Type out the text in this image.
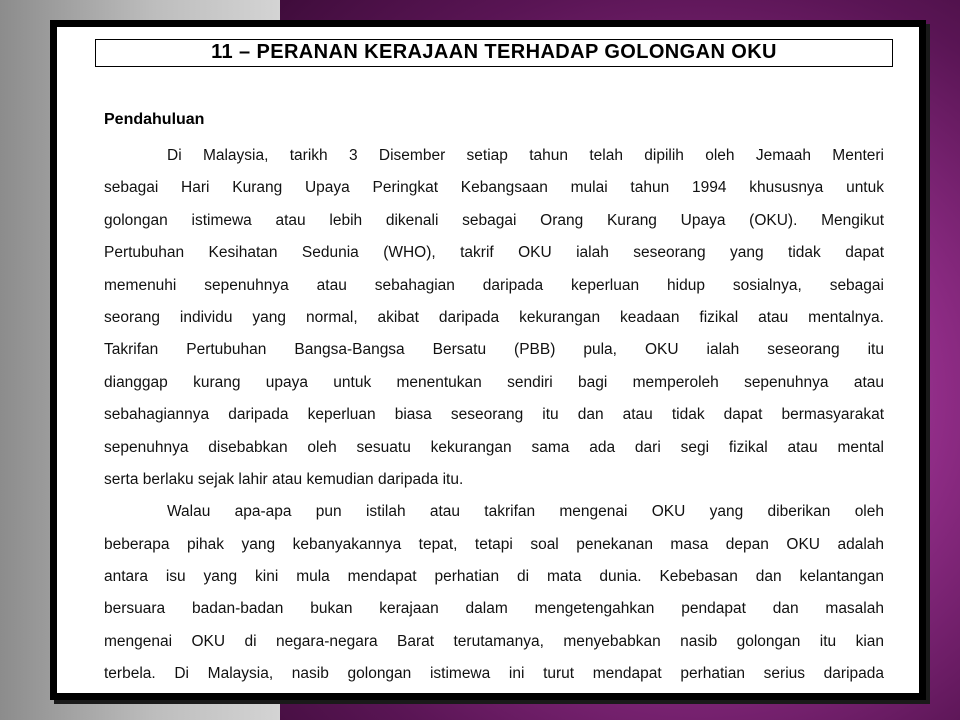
11 – PERANAN KERAJAAN TERHADAP GOLONGAN OKU
Pendahuluan
Di Malaysia, tarikh 3 Disember setiap tahun telah dipilih oleh Jemaah Menteri
sebagai Hari Kurang Upaya Peringkat Kebangsaan mulai tahun 1994 khususnya untuk
golongan istimewa atau lebih dikenali sebagai Orang Kurang Upaya (OKU). Mengikut
Pertubuhan Kesihatan Sedunia (WHO), takrif OKU ialah seseorang yang tidak dapat
memenuhi sepenuhnya atau sebahagian daripada keperluan hidup sosialnya, sebagai
seorang individu yang normal, akibat daripada kekurangan keadaan fizikal atau mentalnya.
Takrifan Pertubuhan Bangsa-Bangsa Bersatu (PBB) pula, OKU ialah seseorang itu
dianggap kurang upaya untuk menentukan sendiri bagi memperoleh sepenuhnya atau
sebahagiannya daripada keperluan biasa seseorang itu dan atau tidak dapat bermasyarakat
sepenuhnya disebabkan oleh sesuatu kekurangan sama ada dari segi fizikal atau mental
serta berlaku sejak lahir atau kemudian daripada itu.
Walau apa-apa pun istilah atau takrifan mengenai OKU yang diberikan oleh
beberapa pihak yang kebanyakannya tepat, tetapi soal penekanan masa depan OKU adalah
antara isu yang kini mula mendapat perhatian di mata dunia. Kebebasan dan kelantangan
bersuara badan-badan bukan kerajaan dalam mengetengahkan pendapat dan masalah
mengenai OKU di negara-negara Barat terutamanya, menyebabkan nasib golongan itu kian
terbela. Di Malaysia, nasib golongan istimewa ini turut mendapat perhatian serius daripada
